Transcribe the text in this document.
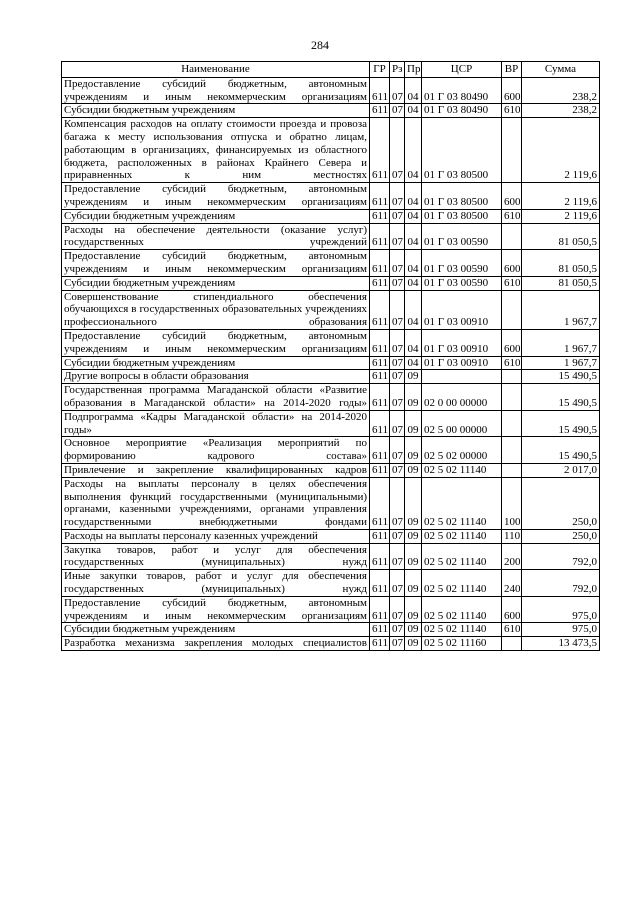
284
Наименование	ГР	Рз	Пр	ЦСР	ВР	Сумма
Предоставление субсидий бюджетным, автономным учреждениям и иным некоммерческим организациям	611	07	04	01 Г 03 80490	600	238,2
Субсидии бюджетным учреждениям	611	07	04	01 Г 03 80490	610	238,2
Компенсация расходов на оплату стоимости проезда и провоза багажа к месту использования отпуска и обратно лицам, работающим в организациях, финансируемых из областного бюджета, расположенных в районах Крайнего Севера и приравненных к ним местностях	611	07	04	01 Г 03 80500		2 119,6
Предоставление субсидий бюджетным, автономным учреждениям и иным некоммерческим организациям	611	07	04	01 Г 03 80500	600	2 119,6
Субсидии бюджетным учреждениям	611	07	04	01 Г 03 80500	610	2 119,6
Расходы на обеспечение деятельности (оказание услуг) государственных учреждений	611	07	04	01 Г 03 00590		81 050,5
Предоставление субсидий бюджетным, автономным учреждениям и иным некоммерческим организациям	611	07	04	01 Г 03 00590	600	81 050,5
Субсидии бюджетным учреждениям	611	07	04	01 Г 03 00590	610	81 050,5
Совершенствование стипендиального обеспечения обучающихся в государственных образовательных учреждениях профессионального образования	611	07	04	01 Г 03 00910		1 967,7
Предоставление субсидий бюджетным, автономным учреждениям и иным некоммерческим организациям	611	07	04	01 Г 03 00910	600	1 967,7
Субсидии бюджетным учреждениям	611	07	04	01 Г 03 00910	610	1 967,7
Другие вопросы в области образования	611	07	09			15 490,5
Государственная программа Магаданской области «Развитие образования в Магаданской области» на 2014-2020 годы»	611	07	09	02 0 00 00000		15 490,5
Подпрограмма «Кадры Магаданской области» на 2014-2020 годы»	611	07	09	02 5 00 00000		15 490,5
Основное мероприятие «Реализация мероприятий по формированию кадрового состава»	611	07	09	02 5 02 00000		15 490,5
Привлечение и закрепление квалифицированных кадров	611	07	09	02 5 02 11140		2 017,0
Расходы на выплаты персоналу в целях обеспечения выполнения функций государственными (муниципальными) органами, казенными учреждениями, органами управления государственными внебюджетными фондами	611	07	09	02 5 02 11140	100	250,0
Расходы на выплаты персоналу казенных учреждений	611	07	09	02 5 02 11140	110	250,0
Закупка товаров, работ и услуг для обеспечения государственных (муниципальных) нужд	611	07	09	02 5 02 11140	200	792,0
Иные закупки товаров, работ и услуг для обеспечения государственных (муниципальных) нужд	611	07	09	02 5 02 11140	240	792,0
Предоставление субсидий бюджетным, автономным учреждениям и иным некоммерческим организациям	611	07	09	02 5 02 11140	600	975,0
Субсидии бюджетным учреждениям	611	07	09	02 5 02 11140	610	975,0
Разработка механизма закрепления молодых специалистов	611	07	09	02 5 02 11160		13 473,5
